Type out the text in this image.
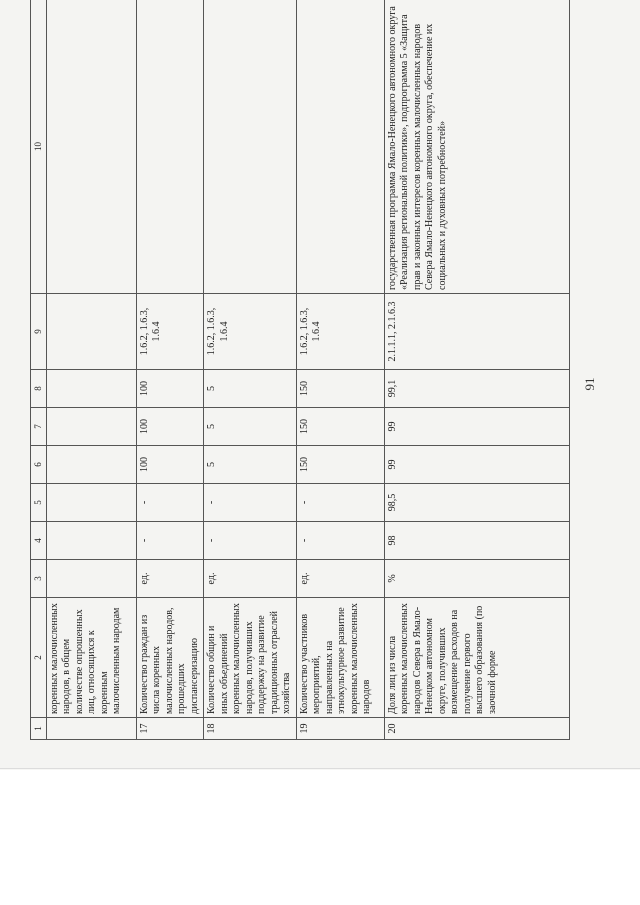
91
1	2	3	4	5	6	7	8	9	10
	коренных малочисленных народов, в общем количестве опрошенных лиц, относящихся к коренным малочисленным народам								
17	Количество граждан из числа коренных малочисленных народов, прошедших диспансеризацию	ед.	-	-	100	100	100	1.6.2, 1.6.3, 1.6.4	
18	Количество общин и иных объединений коренных малочисленных народов, получивших поддержку на развитие традиционных отраслей хозяйства	ед.	-	-	5	5	5	1.6.2, 1.6.3, 1.6.4	
19	Количество участников мероприятий, направленных на этнокультурное развитие коренных малочисленных народов	ед.	-	-	150	150	150	1.6.2, 1.6.3, 1.6.4	
20	Доля лиц из числа коренных малочисленных народов Севера в Ямало-Ненецком автономном округе, получивших возмещение расходов на получение первого высшего образования (по заочной форме	%	98	98,5	99	99	99,1	2.1.1.1, 2.1.6.3	государственная программа Ямало-Ненецкого автономного округа «Реализация региональной политики», подпрограмма 5 «Защита прав и законных интересов коренных малочисленных народов Севера Ямало-Ненецкого автономного округа, обеспечение их социальных и духовных потребностей»
